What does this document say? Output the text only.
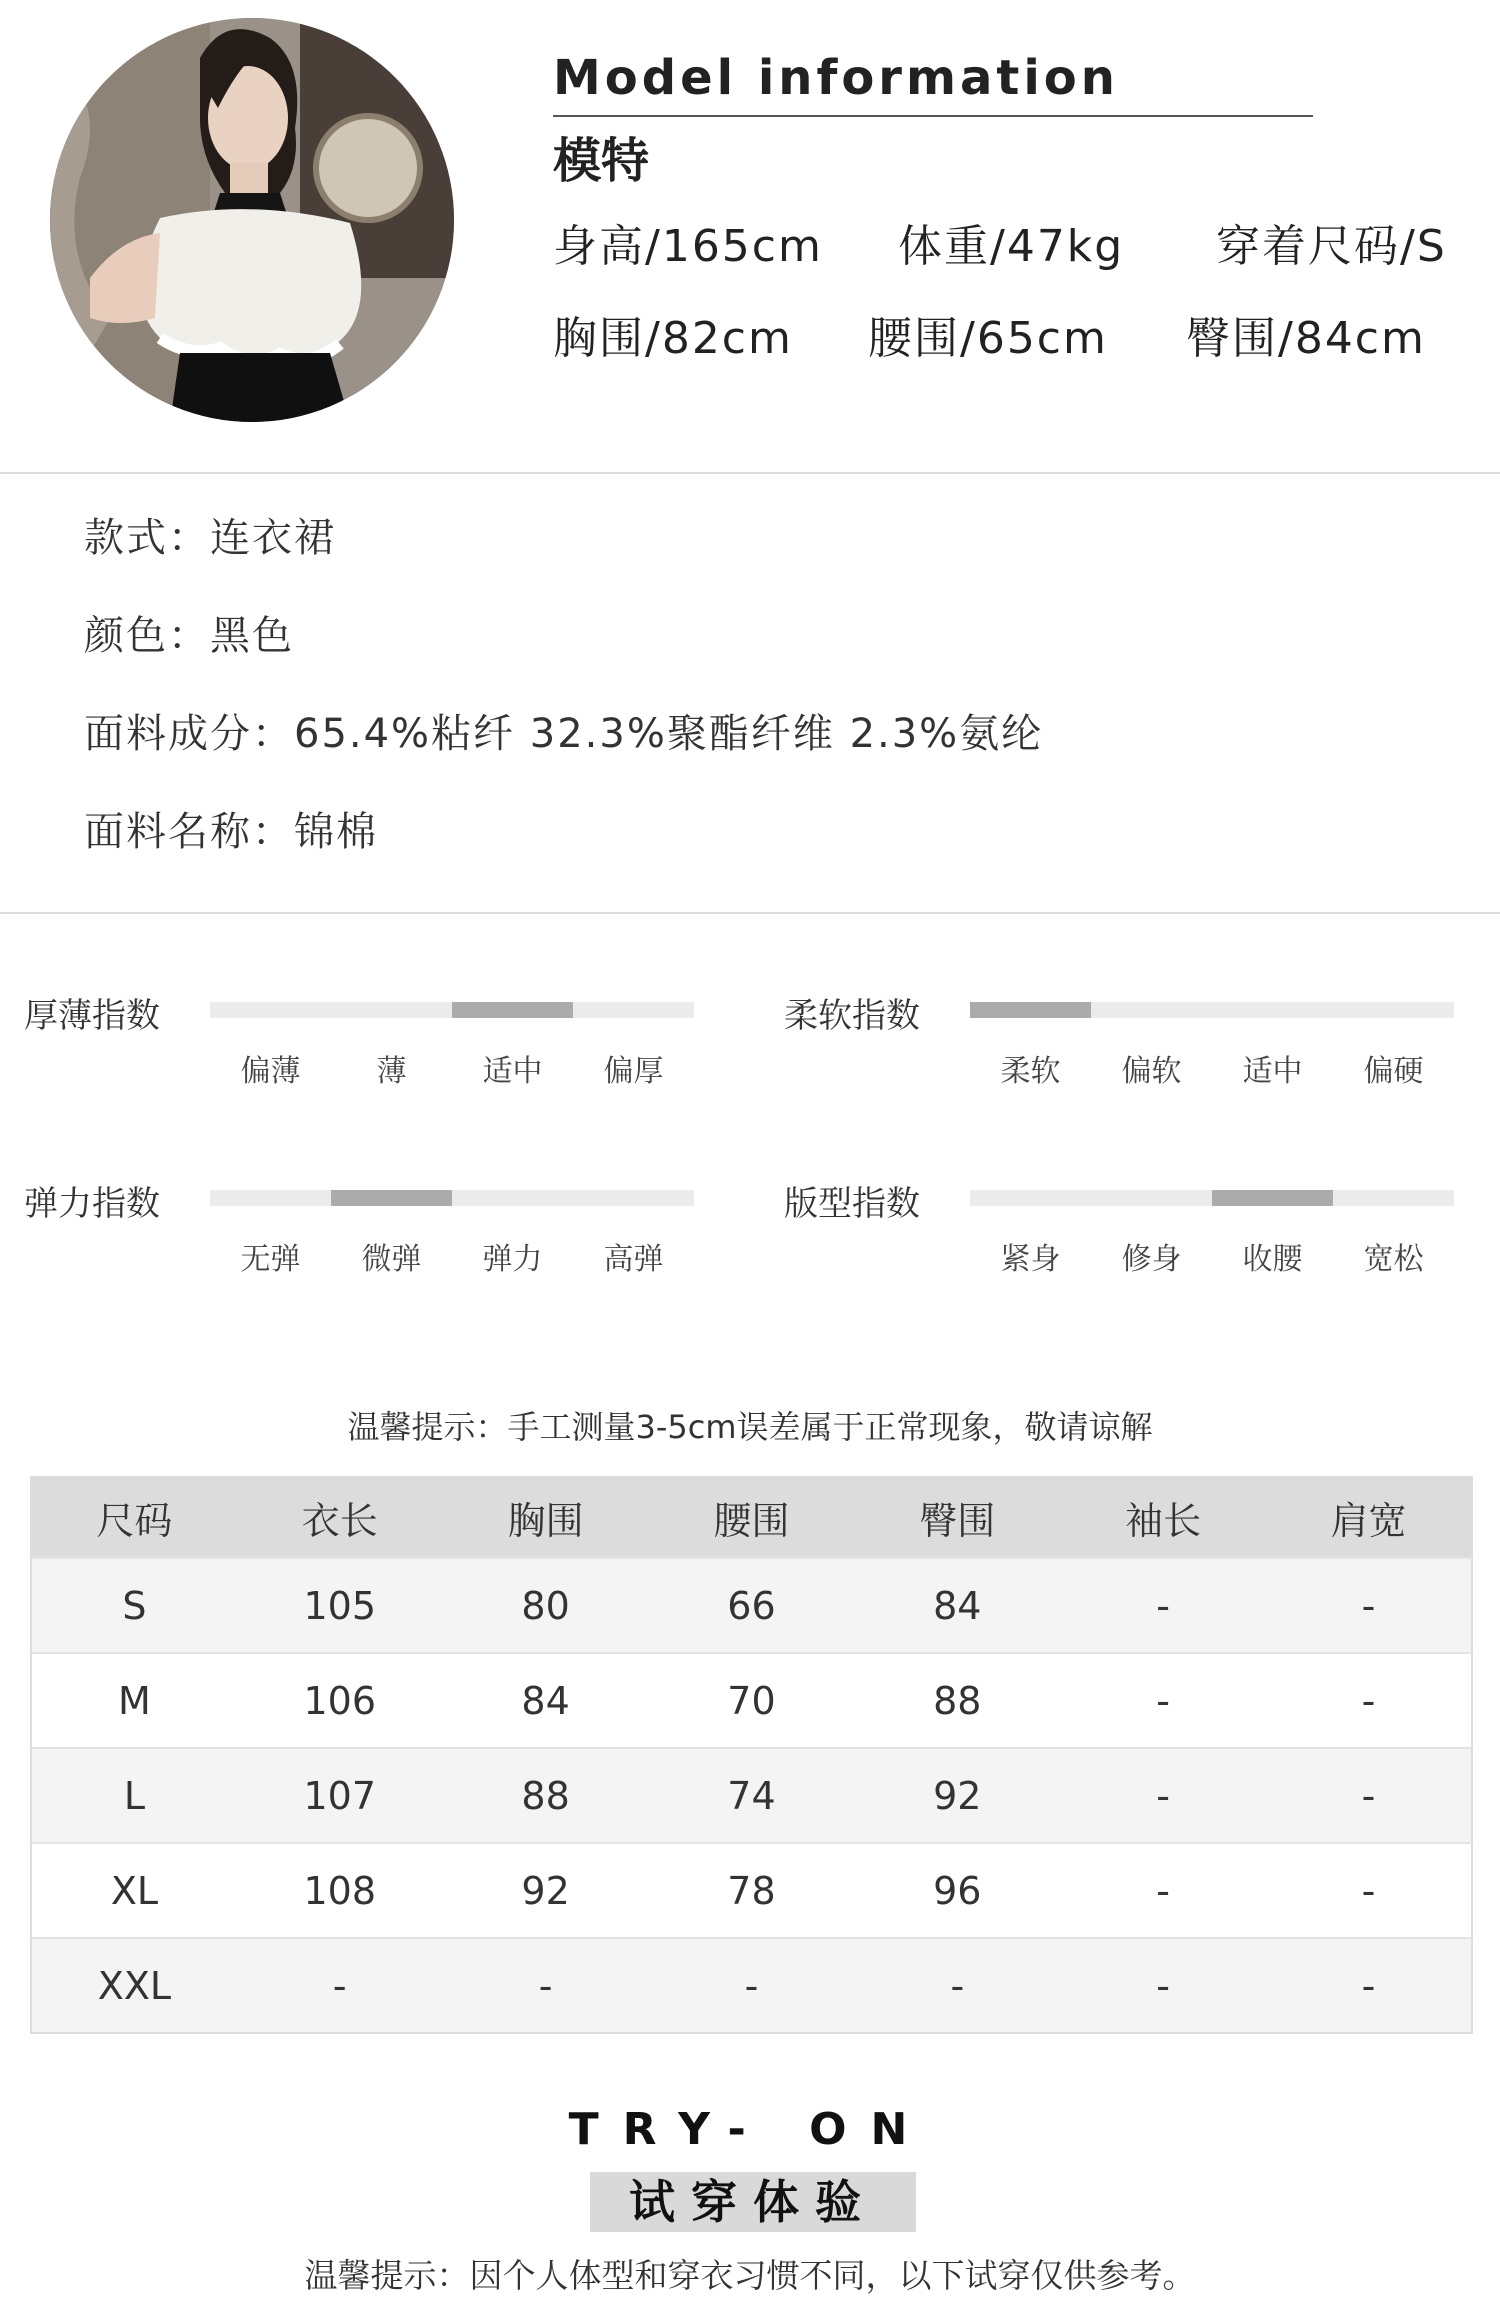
Model information
模特
身高/165cm 体重/47kg 穿着尺码/S
胸围/82cm 腰围/65cm 臀围/84cm
款式：连衣裙
颜色：黑色
面料成分：65.4%粘纤 32.3%聚酯纤维 2.3%氨纶
面料名称：锦棉
厚薄指数
偏薄	薄	适中	偏厚
柔软指数
柔软	偏软	适中	偏硬
弹力指数
无弹	微弹	弹力	高弹
版型指数
紧身	修身	收腰	宽松
温馨提示：手工测量3-5cm误差属于正常现象，敬请谅解
尺码	衣长	胸围	腰围	臀围	袖长	肩宽
S	105	80	66	84	-	-
M	106	84	70	88	-	-
L	107	88	74	92	-	-
XL	108	92	78	96	-	-
XXL	-	-	-	-	-	-
TRY- ON
试穿体验
温馨提示：因个人体型和穿衣习惯不同，以下试穿仅供参考。
